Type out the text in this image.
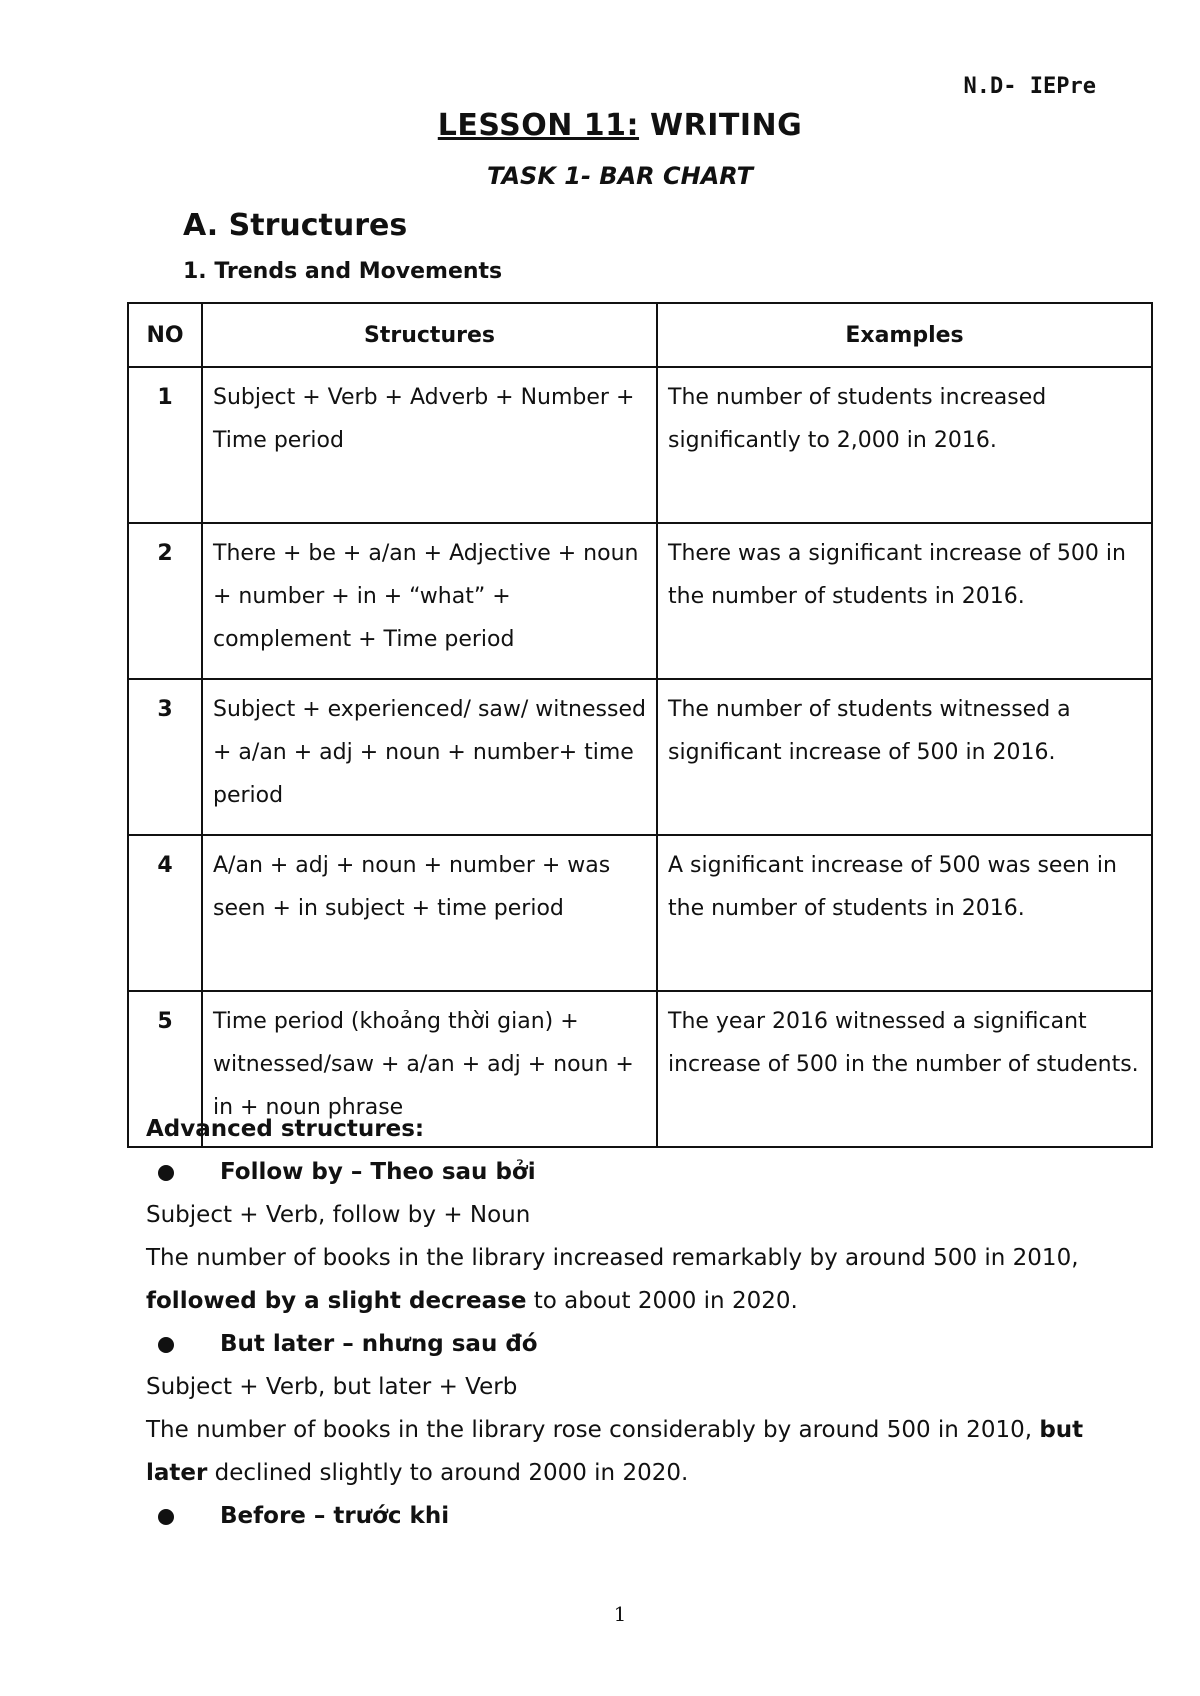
N.D- IEPre
LESSON 11: WRITING
TASK 1- BAR CHART
A. Structures
1. Trends and Movements
NO	Structures	Examples
1	Subject + Verb + Adverb + Number + Time period	The number of students increased significantly to 2,000 in 2016.
2	There + be + a/an + Adjective + noun + number + in + “what” + complement + Time period	There was a significant increase of 500 in the number of students in 2016.
3	Subject + experienced/ saw/ witnessed + a/an + adj + noun + number+ time period	The number of students witnessed a significant increase of 500 in 2016.
4	A/an + adj + noun + number + was seen + in subject + time period	A significant increase of 500 was seen in the number of students in 2016.
5	Time period (khoảng thời gian) + witnessed/saw + a/an + adj + noun + in + noun phrase	The year 2016 witnessed a significant increase of 500 in the number of students.
Advanced structures:
Follow by – Theo sau bởi
Subject + Verb, follow by + Noun
The number of books in the library increased remarkably by around 500 in 2010, followed by a slight decrease to about 2000 in 2020.
But later – nhưng sau đó
Subject + Verb, but later + Verb
The number of books in the library rose considerably by around 500 in 2010, but later declined slightly to around 2000 in 2020.
Before – trước khi
1
